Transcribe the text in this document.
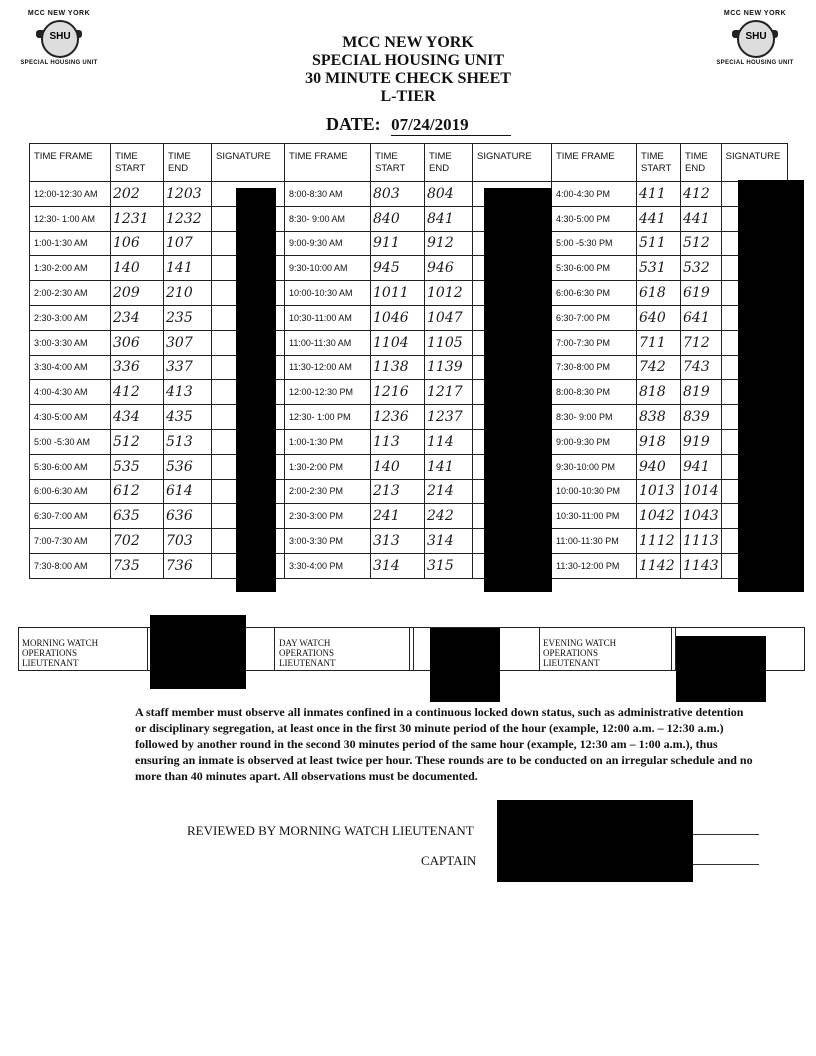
MCC NEW YORK
SHU
SPECIAL HOUSING UNIT
MCC NEW YORK
SHU
SPECIAL HOUSING UNIT
MCC NEW YORK
SPECIAL HOUSING UNIT
30 MINUTE CHECK SHEET
L-TIER
DATE: 07/24/2019
TIME FRAME	TIME START	TIME END	SIGNATURE	TIME FRAME	TIME START	TIME END	SIGNATURE	TIME FRAME	TIME START	TIME END	SIGNATURE
12:00-12:30 AM	202	1203		8:00-8:30 AM	803	804		4:00-4:30 PM	411	412	
12:30- 1:00 AM	1231	1232		8:30- 9:00 AM	840	841		4:30-5:00 PM	441	441	
1:00-1:30 AM	106	107		9:00-9:30 AM	911	912		5:00 -5:30 PM	511	512	
1:30-2:00 AM	140	141		9:30-10:00 AM	945	946		5:30-6:00 PM	531	532	
2:00-2:30 AM	209	210		10:00-10:30 AM	1011	1012		6:00-6:30 PM	618	619	
2:30-3:00 AM	234	235		10:30-11:00 AM	1046	1047		6:30-7:00 PM	640	641	
3:00-3:30 AM	306	307		11:00-11:30 AM	1104	1105		7:00-7:30 PM	711	712	
3:30-4:00 AM	336	337		11:30-12:00 AM	1138	1139		7:30-8:00 PM	742	743	
4:00-4:30 AM	412	413		12:00-12:30 PM	1216	1217		8:00-8:30 PM	818	819	
4:30-5:00 AM	434	435		12:30- 1:00 PM	1236	1237		8:30- 9:00 PM	838	839	
5:00 -5:30 AM	512	513		1:00-1:30 PM	113	114		9:00-9:30 PM	918	919	
5:30-6:00 AM	535	536		1:30-2:00 PM	140	141		9:30-10:00 PM	940	941	
6:00-6:30 AM	612	614		2:00-2:30 PM	213	214		10:00-10:30 PM	1013	1014	
6:30-7:00 AM	635	636		2:30-3:00 PM	241	242		10:30-11:00 PM	1042	1043	
7:00-7:30 AM	702	703		3:00-3:30 PM	313	314		11:00-11:30 PM	1112	1113	
7:30-8:00 AM	735	736		3:30-4:00 PM	314	315		11:30-12:00 PM	1142	1143	
MORNING WATCH
OPERATIONS
LIEUTENANT
DAY WATCH
OPERATIONS
LIEUTENANT
EVENING WATCH
OPERATIONS
LIEUTENANT
A staff member must observe all inmates confined in a continuous locked down status, such as administrative detention or disciplinary segregation, at least once in the first 30 minute period of the hour (example, 12:00 a.m. – 12:30 a.m.) followed by another round in the second 30 minutes period of the same hour (example, 12:30 am – 1:00 a.m.), thus ensuring an inmate is observed at least twice per hour. These rounds are to be conducted on an irregular schedule and no more than 40 minutes apart. All observations must be documented.
REVIEWED BY MORNING WATCH LIEUTENANT
CAPTAIN
